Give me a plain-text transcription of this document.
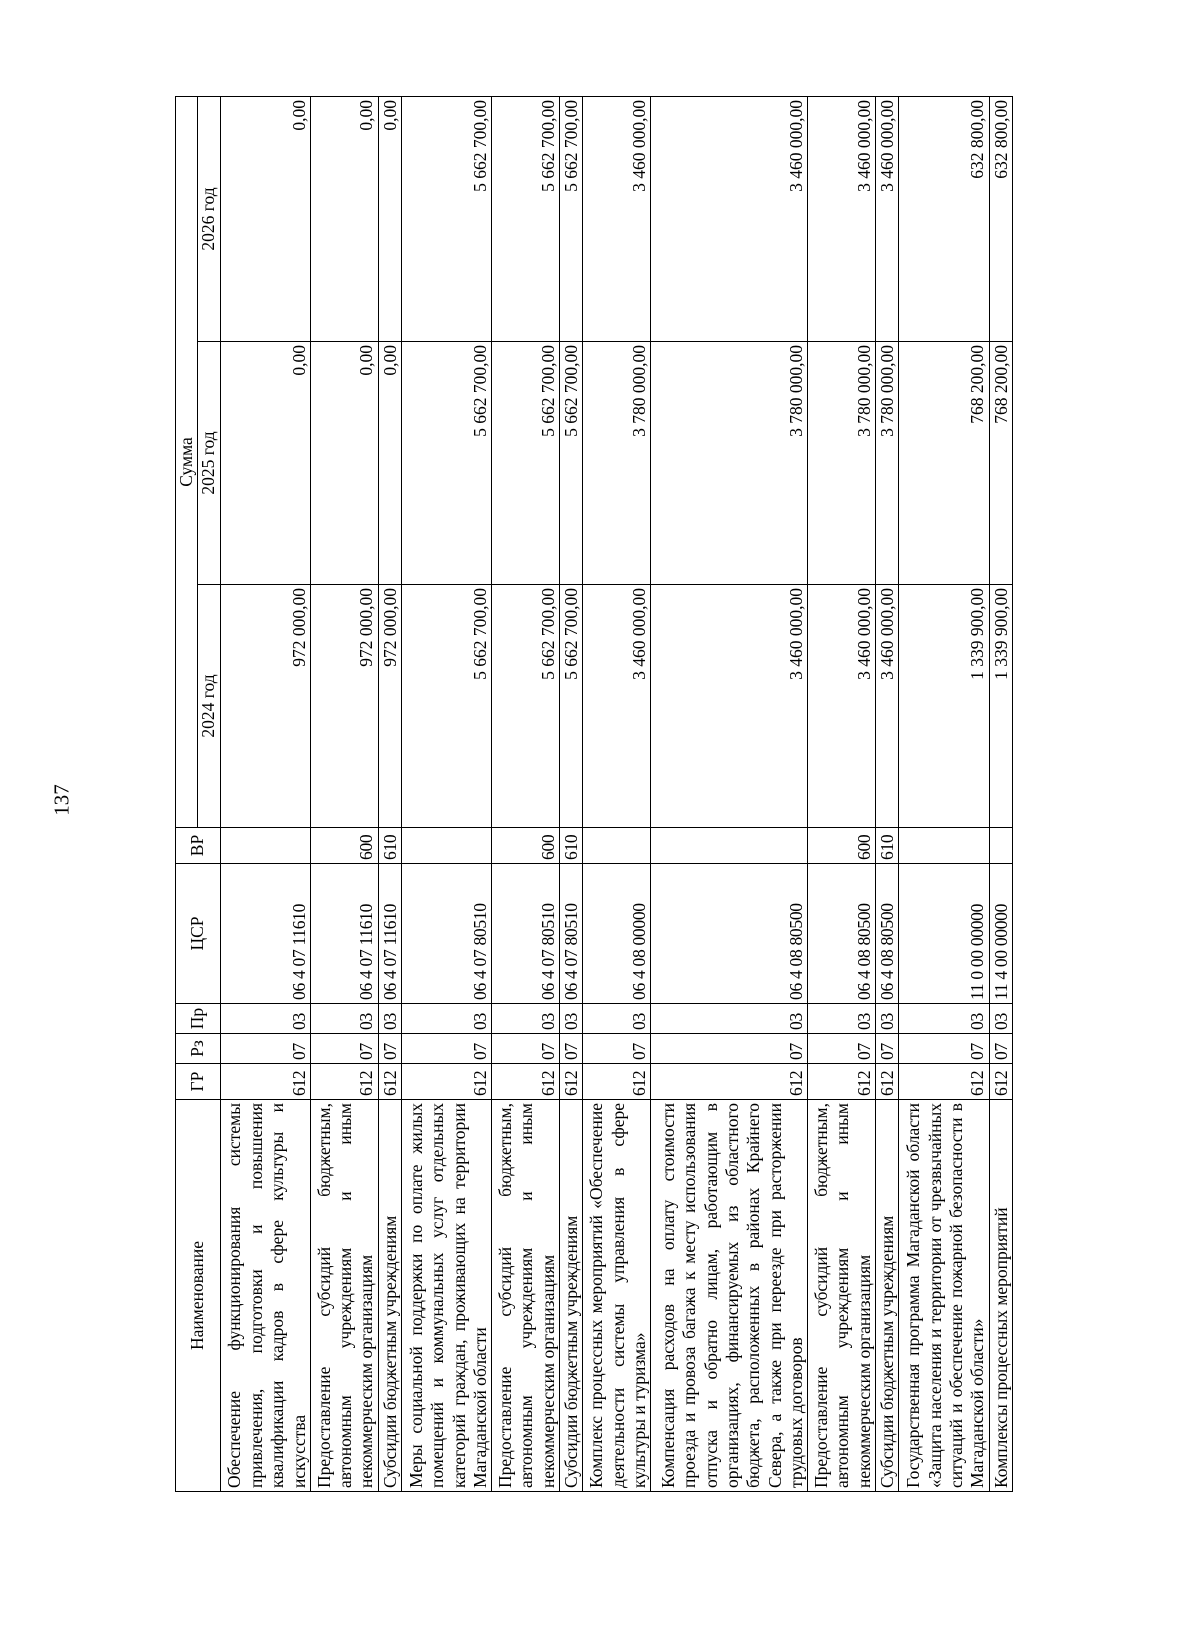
137
Наименование	ГР	Рз	Пр	ЦСР	ВР	Сумма		
						2024 год	2025 год	2026 год
Обеспечение функционирования системы привлечения, подготовки и повышения квалификации кадров в сфере культуры и искусства	612	07	03	06 4 07 11610		972 000,00	0,00	0,00
Предоставление субсидий бюджетным, автономным учреждениям и иным некоммерческим организациям	612	07	03	06 4 07 11610	600	972 000,00	0,00	0,00
Субсидии бюджетным учреждениям	612	07	03	06 4 07 11610	610	972 000,00	0,00	0,00
Меры социальной поддержки по оплате жилых помещений и коммунальных услуг отдельных категорий граждан, проживающих на территории Магаданской области	612	07	03	06 4 07 80510		5 662 700,00	5 662 700,00	5 662 700,00
Предоставление субсидий бюджетным, автономным учреждениям и иным некоммерческим организациям	612	07	03	06 4 07 80510	600	5 662 700,00	5 662 700,00	5 662 700,00
Субсидии бюджетным учреждениям	612	07	03	06 4 07 80510	610	5 662 700,00	5 662 700,00	5 662 700,00
Комплекс процессных мероприятий «Обеспечение деятельности системы управления в сфере культуры и туризма»	612	07	03	06 4 08 00000		3 460 000,00	3 780 000,00	3 460 000,00
Компенсация расходов на оплату стоимости проезда и провоза багажа к месту использования отпуска и обратно лицам, работающим в организациях, финансируемых из областного бюджета, расположенных в районах Крайнего Севера, а также при переезде при расторжении трудовых договоров	612	07	03	06 4 08 80500		3 460 000,00	3 780 000,00	3 460 000,00
Предоставление субсидий бюджетным, автономным учреждениям и иным некоммерческим организациям	612	07	03	06 4 08 80500	600	3 460 000,00	3 780 000,00	3 460 000,00
Субсидии бюджетным учреждениям	612	07	03	06 4 08 80500	610	3 460 000,00	3 780 000,00	3 460 000,00
Государственная программа Магаданской области «Защита населения и территории от чрезвычайных ситуаций и обеспечение пожарной безопасности в Магаданской области»	612	07	03	11 0 00 00000		1 339 900,00	768 200,00	632 800,00
Комплексы процессных мероприятий	612	07	03	11 4 00 00000		1 339 900,00	768 200,00	632 800,00
